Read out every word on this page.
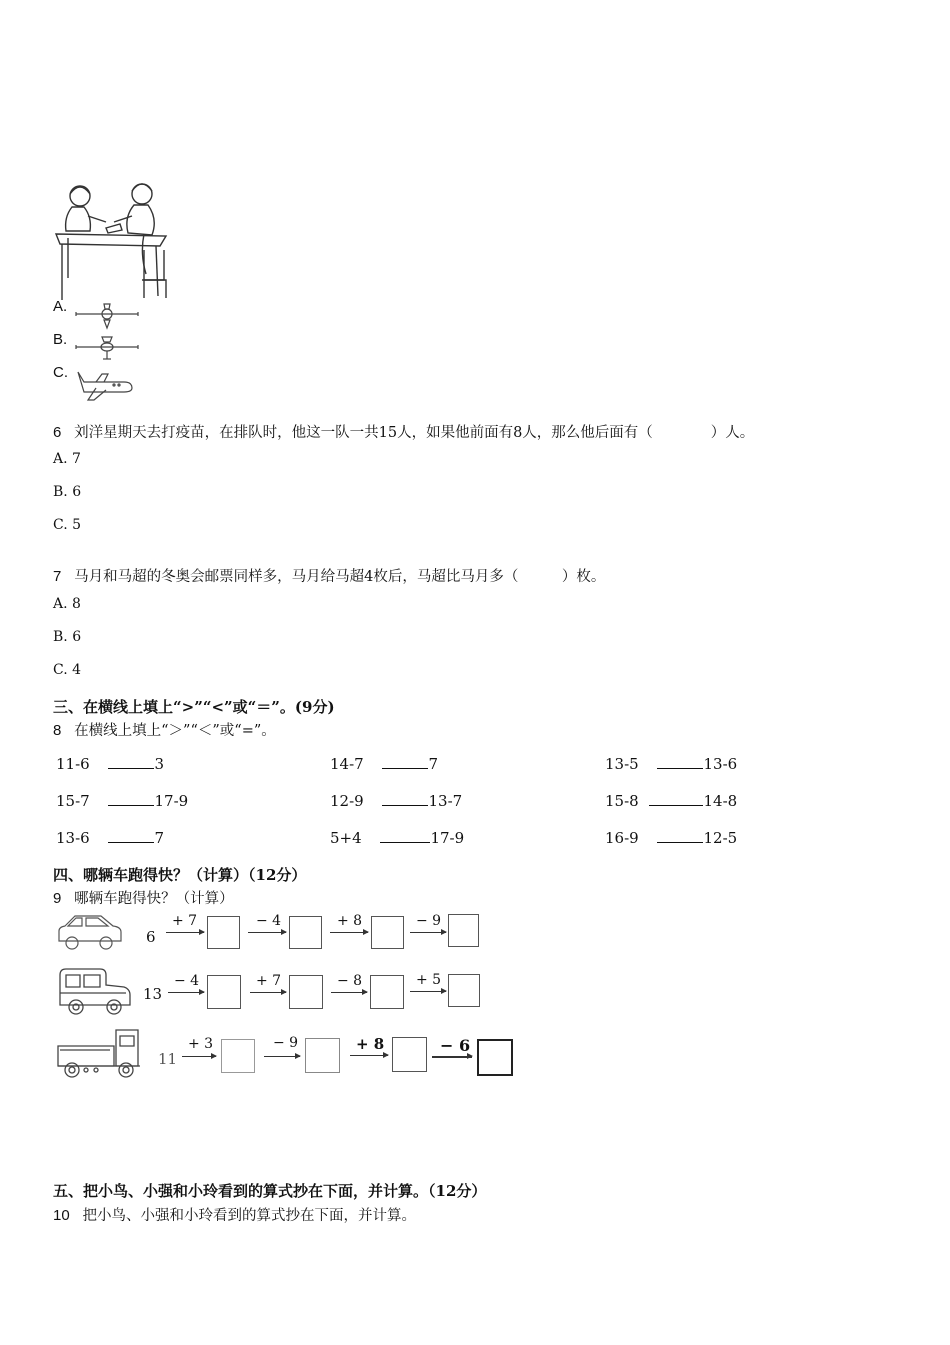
A.
B.
C.
6 刘洋星期天去打疫苗，在排队时，他这一队一共15人，如果他前面有8人，那么他后面有（　　　　）人。
A. 7
B. 6
C. 5
7 马月和马超的冬奥会邮票同样多，马月给马超4枚后，马超比马月多（　　　）枚。
A. 8
B. 6
C. 4
三、在横线上填上“>”“<”或“＝”。(9分)
8 在横线上填上“＞”“＜”或“=”。
11-6	3	14-7	7	13-5	13-6
15-7	17-9	12-9	13-7	15-8	14-8
13-6	7	5+4	17-9	16-9	12-5
四、哪辆车跑得快？（计算）（12分）
9 哪辆车跑得快？（计算）
6
+ 7	− 4	+ 8	− 9
13
− 4	+ 7	− 8	+ 5
11
+ 3	− 9	+ 8	− 6
五、把小鸟、小强和小玲看到的算式抄在下面，并计算。（12分）
10 把小鸟、小强和小玲看到的算式抄在下面，并计算。
